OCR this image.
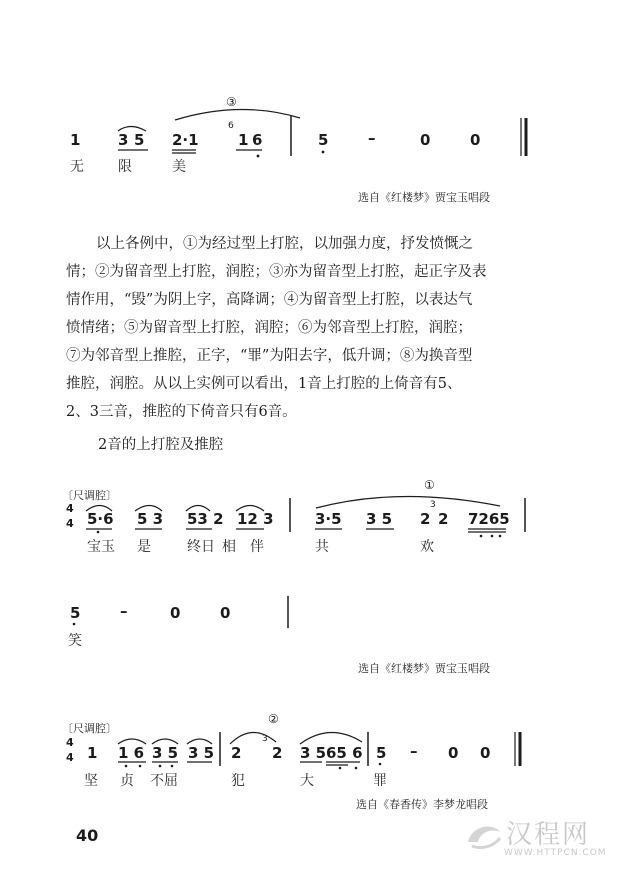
③
1	3 5 2·1
6
1 6	5	–	0	0
无 限	美
选自《红楼梦》贾宝玉唱段

以上各例中，①为经过型上打腔，以加强力度，抒发愤慨之

情；②为留音型上打腔，润腔；③亦为留音型上打腔，起正字及表

情作用，“毁”为阴上字，高降调；④为留音型上打腔，以表达气

愤情绪；⑤为留音型上打腔，润腔；⑥为邻音型上打腔，润腔；

⑦为邻音型上推腔，正字，“罪”为阳去字，低升调；⑧为换音型

推腔，润腔。从以上实例可以看出，1音上打腔的上倚音有5、

2、3三音，推腔的下倚音只有6音。

2音的上打腔及推腔
〔尺调腔〕
①
4
4 5·6 5 3 53 2 12 3	3·5 3 5 2
3
2 7265
宝玉 是	终日 相 伴	共	欢
5	–	0	0
笑
选自《红楼梦》贾宝玉唱段
〔尺调腔〕
②
4
4 1 1 6 3 5 3 5 2
3
2 3 5 65 6 5 – 0 0
坚 贞 不屈	犯	大	罪
选自《春香传》李梦龙唱段
40	汉程网
WWW.HTTPCN.COM
